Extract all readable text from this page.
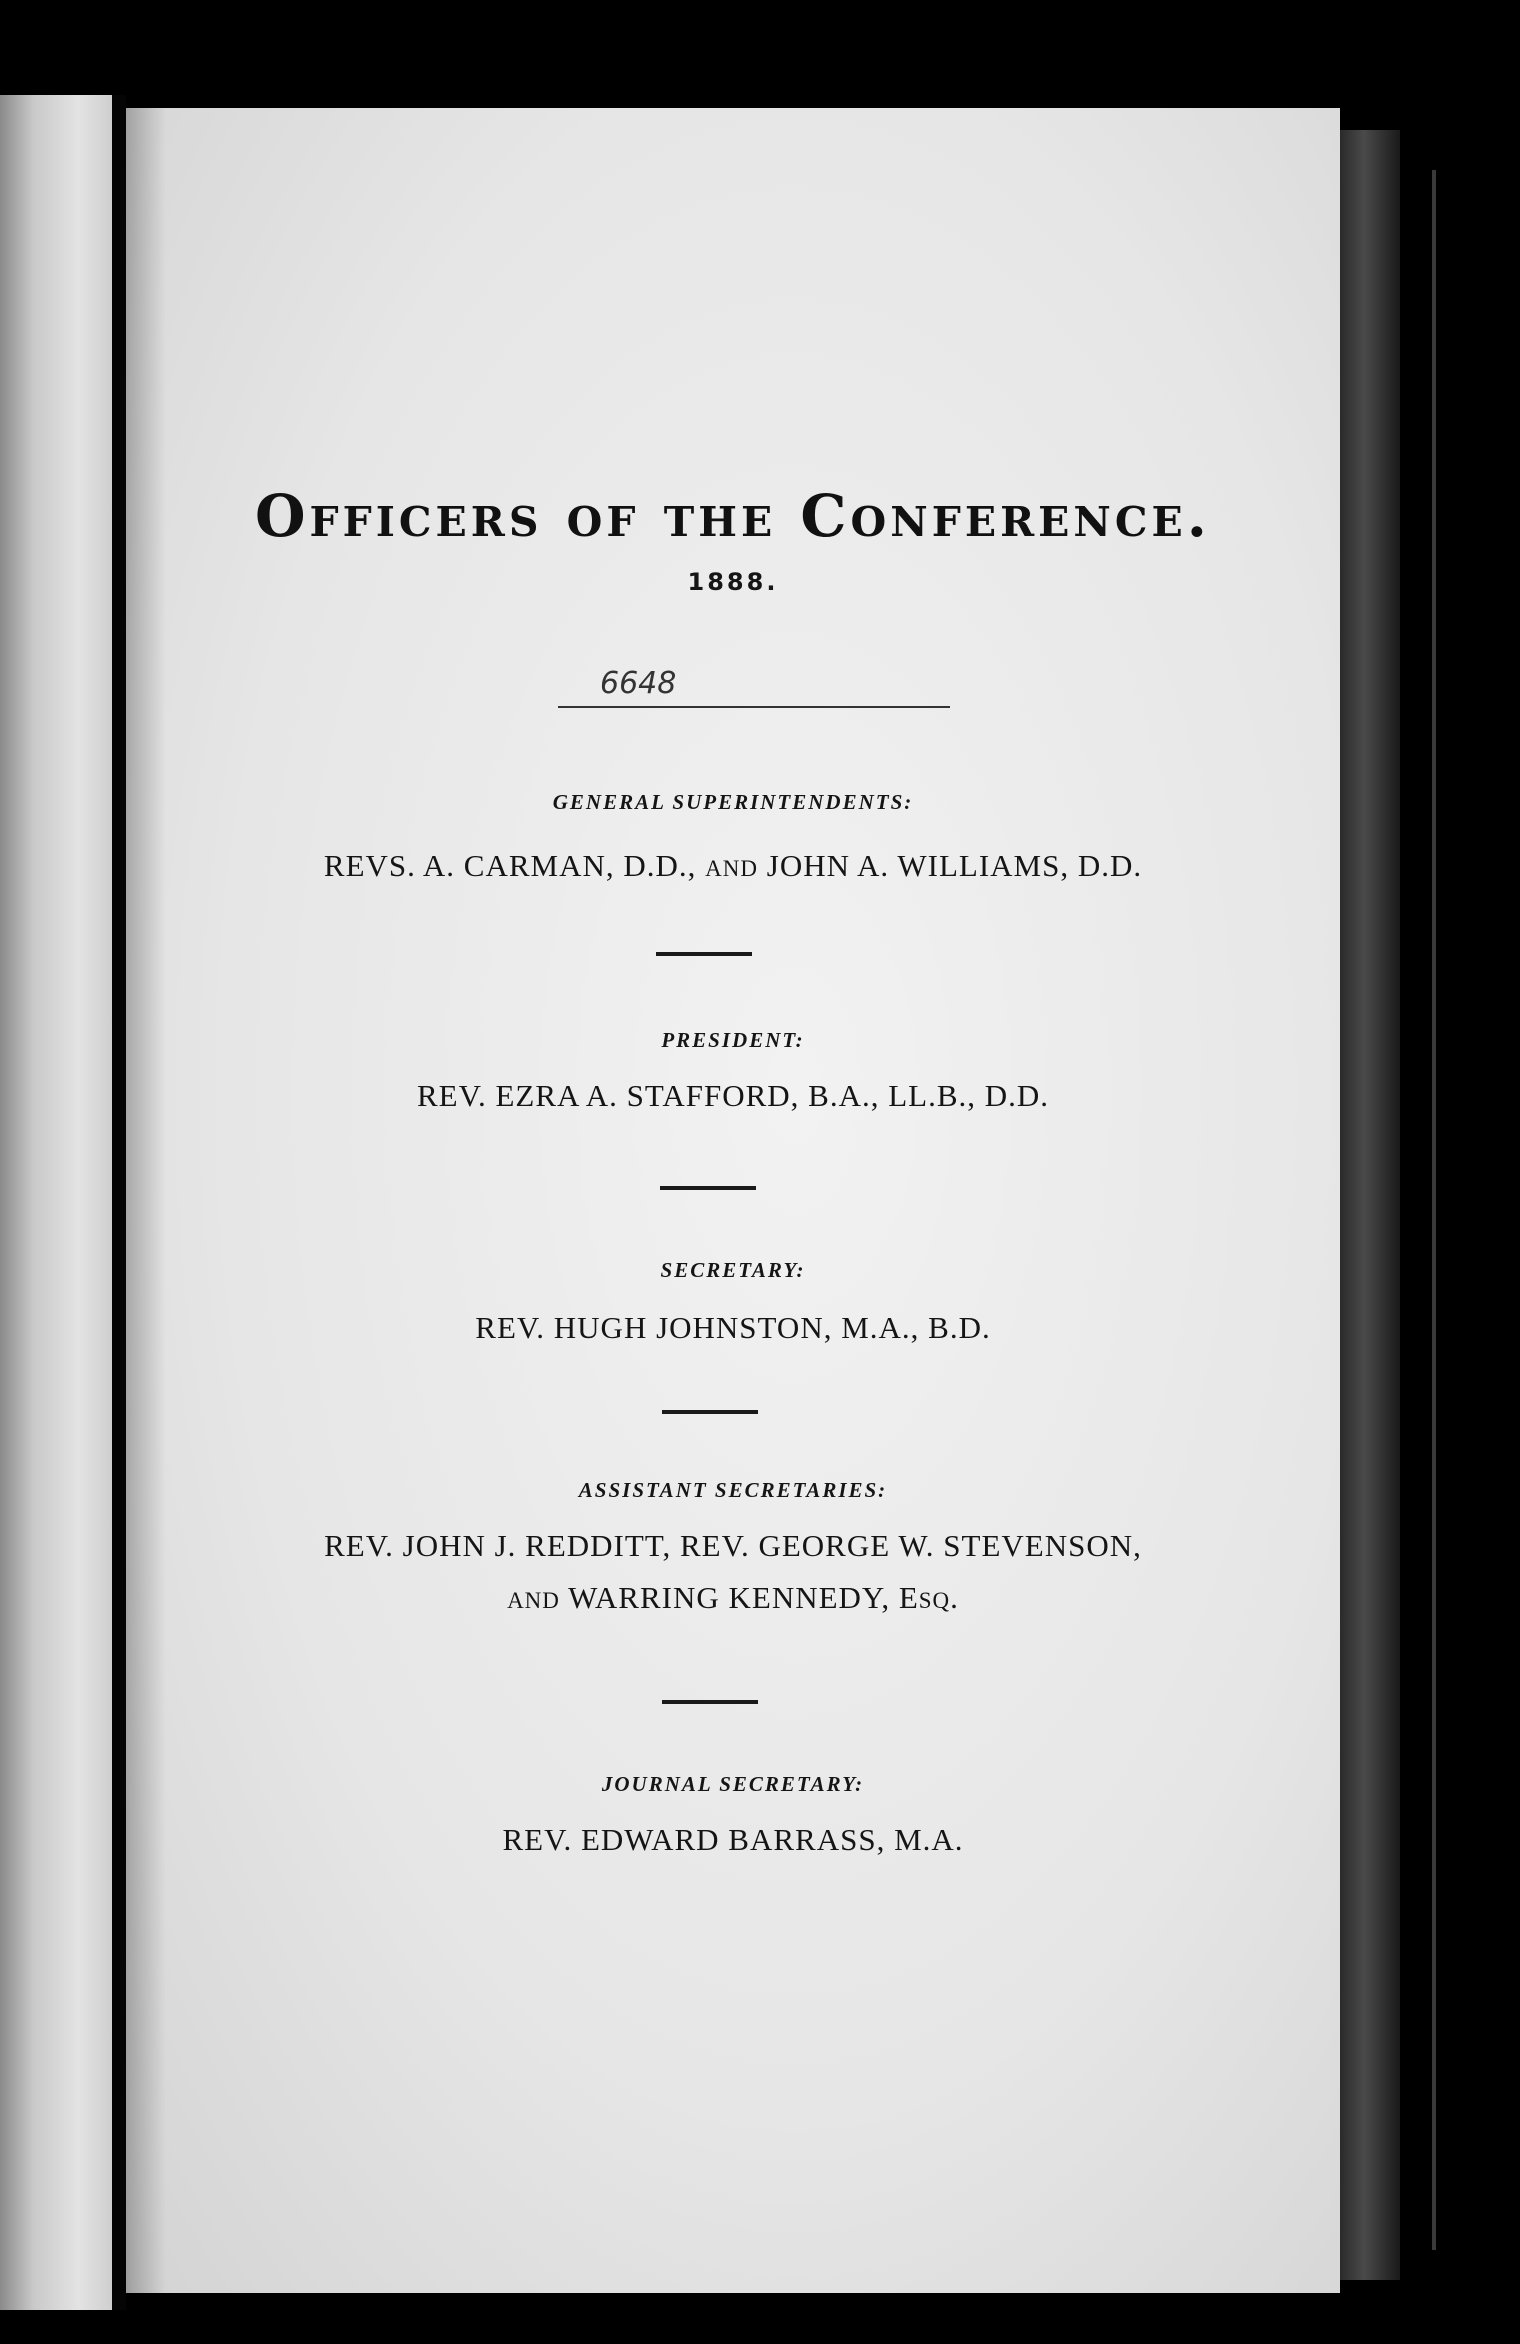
Officers of the Conference.
1888.
6648
GENERAL SUPERINTENDENTS:
REVS. A. CARMAN, D.D., AND JOHN A. WILLIAMS, D.D.
PRESIDENT:
REV. EZRA A. STAFFORD, B.A., LL.B., D.D.
SECRETARY:
REV. HUGH JOHNSTON, M.A., B.D.
ASSISTANT SECRETARIES:
REV. JOHN J. REDDITT, REV. GEORGE W. STEVENSON,
AND WARRING KENNEDY, ESQ.
JOURNAL SECRETARY:
REV. EDWARD BARRASS, M.A.
